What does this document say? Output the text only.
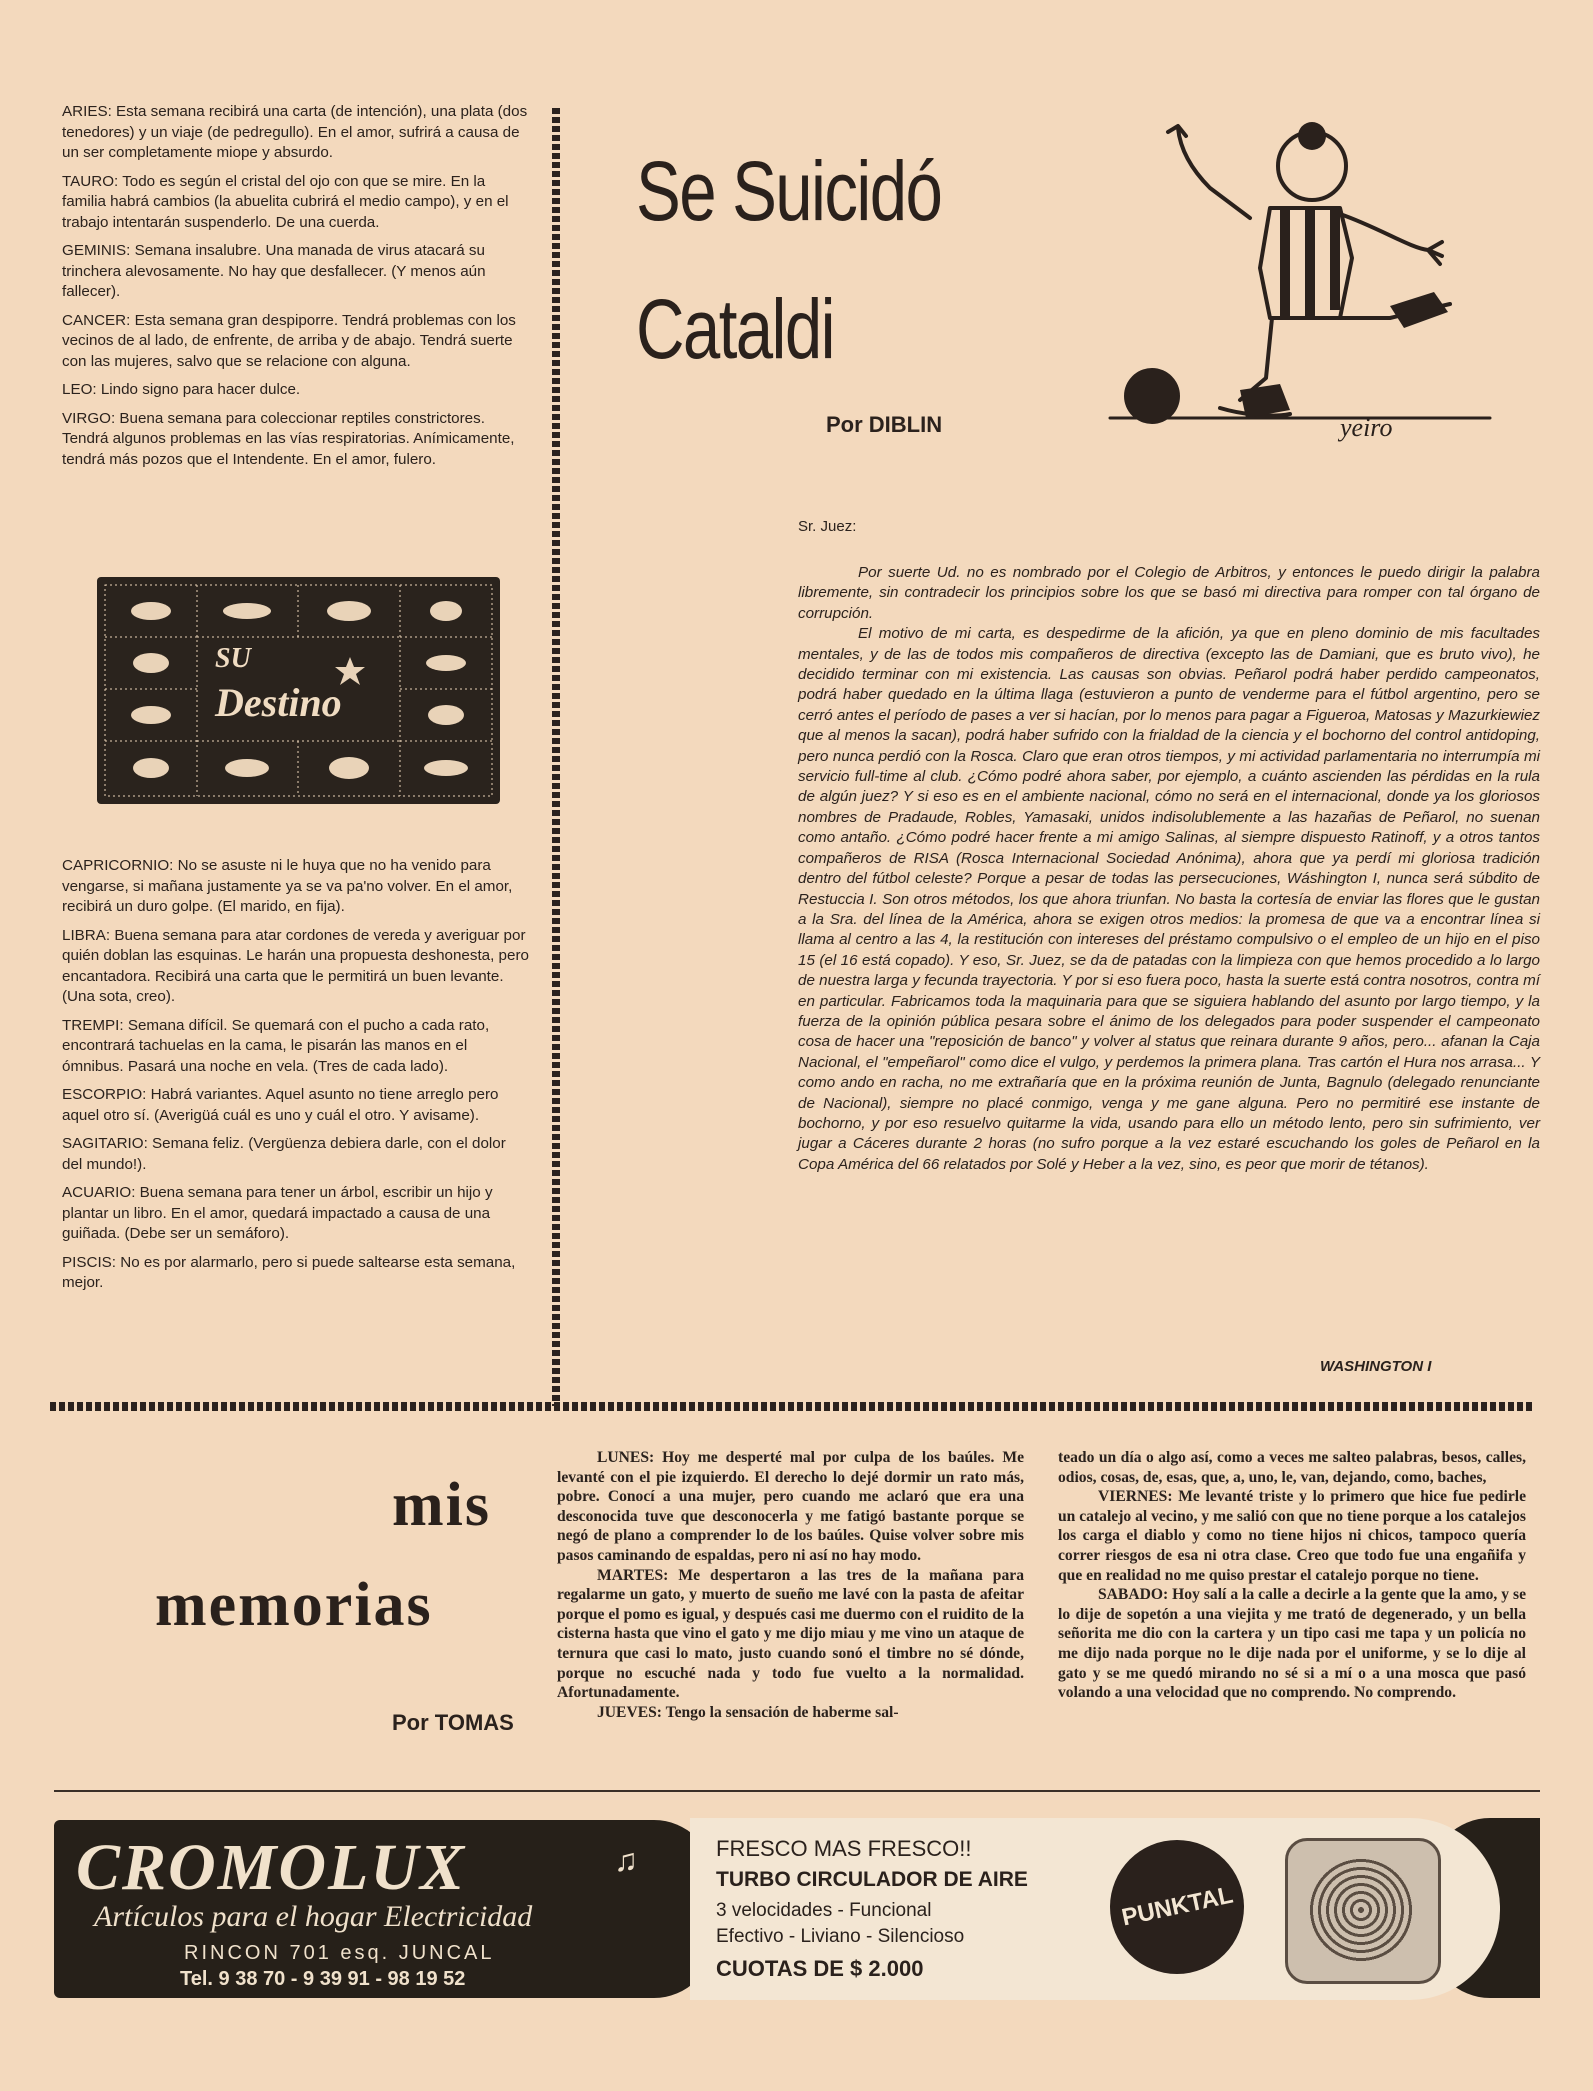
ARIES: Esta semana recibirá una carta (de intención), una plata (dos tenedores) y un viaje (de pedregullo). En el amor, sufrirá a causa de un ser completamente miope y absurdo.

TAURO: Todo es según el cristal del ojo con que se mire. En la familia habrá cambios (la abuelita cubrirá el medio campo), y en el trabajo intentarán suspenderlo. De una cuerda.

GEMINIS: Semana insalubre. Una manada de virus atacará su trinchera alevosamente. No hay que desfallecer. (Y menos aún fallecer).

CANCER: Esta semana gran despiporre. Tendrá problemas con los vecinos de al lado, de enfrente, de arriba y de abajo. Tendrá suerte con las mujeres, salvo que se relacione con alguna.

LEO: Lindo signo para hacer dulce.

VIRGO: Buena semana para coleccionar reptiles constrictores. Tendrá algunos problemas en las vías respiratorias. Anímicamente, tendrá más pozos que el Intendente. En el amor, fulero.

SU
Destino

CAPRICORNIO: No se asuste ni le huya que no ha venido para vengarse, si mañana justamente ya se va pa'no volver. En el amor, recibirá un duro golpe. (El marido, en fija).

LIBRA: Buena semana para atar cordones de vereda y averiguar por quién doblan las esquinas. Le harán una propuesta deshonesta, pero encantadora. Recibirá una carta que le permitirá un buen levante. (Una sota, creo).

TREMPI: Semana difícil. Se quemará con el pucho a cada rato, encontrará tachuelas en la cama, le pisarán las manos en el ómnibus. Pasará una noche en vela. (Tres de cada lado).

ESCORPIO: Habrá variantes. Aquel asunto no tiene arreglo pero aquel otro sí. (Averigüá cuál es uno y cuál el otro. Y avisame).

SAGITARIO: Semana feliz. (Vergüenza debiera darle, con el dolor del mundo!).

ACUARIO: Buena semana para tener un árbol, escribir un hijo y plantar un libro. En el amor, quedará impactado a causa de una guiñada. (Debe ser un semáforo).

PISCIS: No es por alarmarlo, pero si puede saltearse esta semana, mejor.

Se Suicidó
Cataldi
Por DIBLIN	yeiro
Sr. Juez:

Por suerte Ud. no es nombrado por el Colegio de Arbitros, y entonces le puedo dirigir la palabra libremente, sin contradecir los principios sobre los que se basó mi directiva para romper con tal órgano de corrupción.

El motivo de mi carta, es despedirme de la afición, ya que en pleno dominio de mis facultades mentales, y de las de todos mis compañeros de directiva (excepto las de Damiani, que es bruto vivo), he decidido terminar con mi existencia. Las causas son obvias. Peñarol podrá haber perdido campeonatos, podrá haber quedado en la última llaga (estuvieron a punto de venderme para el fútbol argentino, pero se cerró antes el período de pases a ver si hacían, por lo menos para pagar a Figueroa, Matosas y Mazurkiewiez que al menos la sacan), podrá haber sufrido con la frialdad de la ciencia y el bochorno del control antidoping, pero nunca perdió con la Rosca. Claro que eran otros tiempos, y mi actividad parlamentaria no interrumpía mi servicio full-time al club. ¿Cómo podré ahora saber, por ejemplo, a cuánto ascienden las pérdidas en la rula de algún juez? Y si eso es en el ambiente nacional, cómo no será en el internacional, donde ya los gloriosos nombres de Pradaude, Robles, Yamasaki, unidos indisolublemente a las hazañas de Peñarol, no suenan como antaño. ¿Cómo podré hacer frente a mi amigo Salinas, al siempre dispuesto Ratinoff, y a otros tantos compañeros de RISA (Rosca Internacional Sociedad Anónima), ahora que ya perdí mi gloriosa tradición dentro del fútbol celeste? Porque a pesar de todas las persecuciones, Wáshington I, nunca será súbdito de Restuccia I. Son otros métodos, los que ahora triunfan. No basta la cortesía de enviar las flores que le gustan a la Sra. del línea de la América, ahora se exigen otros medios: la promesa de que va a encontrar línea si llama al centro a las 4, la restitución con intereses del préstamo compulsivo o el empleo de un hijo en el piso 15 (el 16 está copado). Y eso, Sr. Juez, se da de patadas con la limpieza con que hemos procedido a lo largo de nuestra larga y fecunda trayectoria. Y por si eso fuera poco, hasta la suerte está contra nosotros, contra mí en particular. Fabricamos toda la maquinaria para que se siguiera hablando del asunto por largo tiempo, y la fuerza de la opinión pública pesara sobre el ánimo de los delegados para poder suspender el campeonato cosa de hacer una "reposición de banco" y volver al status que reinara durante 9 años, pero... afanan la Caja Nacional, el "empeñarol" como dice el vulgo, y perdemos la primera plana. Tras cartón el Hura nos arrasa... Y como ando en racha, no me extrañaría que en la próxima reunión de Junta, Bagnulo (delegado renunciante de Nacional), siempre no placé conmigo, venga y me gane alguna. Pero no permitiré ese instante de bochorno, y por eso resuelvo quitarme la vida, usando para ello un método lento, pero sin sufrimiento, ver jugar a Cáceres durante 2 horas (no sufro porque a la vez estaré escuchando los goles de Peñarol en la Copa América del 66 relatados por Solé y Heber a la vez, sino, es peor que morir de tétanos).

WASHINGTON I
mis
memorias
Por TOMAS

LUNES: Hoy me desperté mal por culpa de los baúles. Me levanté con el pie izquierdo. El derecho lo dejé dormir un rato más, pobre. Conocí a una mujer, pero cuando me aclaró que era una desconocida tuve que desconocerla y me fatigó bastante porque se negó de plano a comprender lo de los baúles. Quise volver sobre mis pasos caminando de espaldas, pero ni así no hay modo.

MARTES: Me despertaron a las tres de la mañana para regalarme un gato, y muerto de sueño me lavé con la pasta de afeitar porque el pomo es igual, y después casi me duermo con el ruidito de la cisterna hasta que vino el gato y me dijo miau y me vino un ataque de ternura que casi lo mato, justo cuando sonó el timbre no sé dónde, porque no escuché nada y todo fue vuelto a la normalidad. Afortunadamente.

JUEVES: Tengo la sensación de haberme sal-

teado un día o algo así, como a veces me salteo palabras, besos, calles, odios, cosas, de, esas, que, a, uno, le, van, dejando, como, baches,

VIERNES: Me levanté triste y lo primero que hice fue pedirle un catalejo al vecino, y me salió con que no tiene porque a los catalejos los carga el diablo y como no tiene hijos ni chicos, tampoco quería correr riesgos de esa ni otra clase. Creo que todo fue una engañifa y que en realidad no me quiso prestar el catalejo porque no tiene.

SABADO: Hoy salí a la calle a decirle a la gente que la amo, y se lo dije de sopetón a una viejita y me trató de degenerado, y un bella señorita me dio con la cartera y un tipo casi me tapa y un policía no me dijo nada porque no le dije nada por el uniforme, y se lo dije al gato y se me quedó mirando no sé si a mí o a una mosca que pasó volando a una velocidad que no comprendo. No comprendo.

CROMOLUX	♫
Artículos para el hogar Electricidad
RINCON 701 esq. JUNCAL
Tel. 9 38 70 - 9 39 91 - 98 19 52
FRESCO MAS FRESCO!!
TURBO CIRCULADOR DE AIRE
3 velocidades - Funcional
Efectivo - Liviano - Silencioso
CUOTAS DE $ 2.000
PUNKTAL
